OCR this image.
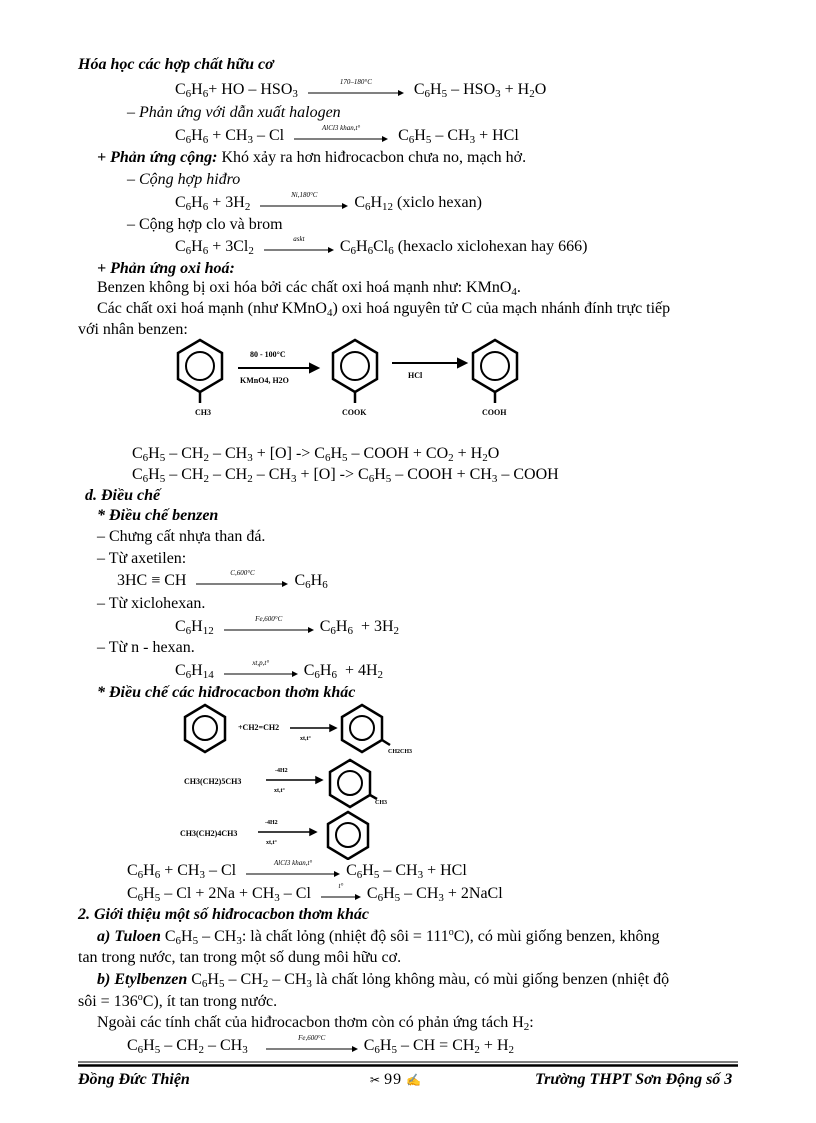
Hóa học các hợp chất hữu cơ
$C_6H_6+$ HO – $HSO_3$
170–180°C	$C_6H_5 - HSO_3 + H_2O$
– Phản ứng với dẫn xuất halogen
$C_6H_6 + CH_3 - Cl$	AlCl3 khan,t°	$C_6H_5 - CH_3$ + HCl
+ Phản ứng cộng: Khó xảy ra hơn hiđrocacbon chưa no, mạch hở.
– Cộng hợp hiđro
$C_6H_6 + 3H_2$
Ni,180°C	$C_6H_{12}$ (xiclo hexan)
– Cộng hợp clo và brom
$C_6H_6 + 3Cl_2$
askt	$C_6H_6Cl_6$ (hexaclo xiclohexan hay 666)
+ Phản ứng oxi hoá:
Benzen không bị oxi hóa bởi các chất oxi hoá mạnh như: KMnO$_4$.
Các chất oxi hoá mạnh (như KMnO$_4$) oxi hoá nguyên tử C của mạch nhánh đính trực tiếp
với nhân benzen:
CH3
80 - 100°C
KMnO4, H2O
COOK
HCl
COOH
$C_6H_5 - CH_2 - CH_3 + [O] -> C_6H_5$ – COOH + $CO_2 + H_2O$
$C_6H_5 - CH_2 - CH_2 - CH_3 + [O] -> C_6H_5$ – COOH + $CH_3$ – COOH
d. Điều chế
* Điều chế benzen
– Chưng cất nhựa than đá.
– Từ axetilen:
3HC ≡ CH	C,600°C	$C_6H_6$
– Từ xiclohexan.
$C_6H_{12}$
Fe,600°C	$C_6H_6 + 3H_2$
– Từ n - hexan.
$C_6H_{14}$
xt,p,t°	$C_6H_6 + 4H_2$
* Điều chế các hiđrocacbon thơm khác
+CH2=CH2
xt,t°
CH2CH3
CH3(CH2)5CH3
-4H2
xt,t°
CH3
CH3(CH2)4CH3
-4H2
xt,t°
$C_6H_6 + CH_3 - Cl$	AlCl3 khan,t°	$C_6H_5 - CH_3$ + HCl
$C_6H_5 - Cl + 2Na + CH_3 - Cl$	t°	$C_6H_5 - CH_3$ + 2NaCl
2. Giới thiệu một số hiđrocacbon thơm khác
a) Tuloen $C_6H_5 - CH_3$: là chất lỏng (nhiệt độ sôi = $111^oC$), có mùi giống benzen, không
tan trong nước, tan trong một số dung môi hữu cơ.
b) Etylbenzen $C_6H_5 - CH_2 - CH_3$ là chất lỏng không màu, có mùi giống benzen (nhiệt độ
sôi = $136^oC$), ít tan trong nước.
Ngoài các tính chất của hiđrocacbon thơm còn có phản ứng tách $H_2$:
$C_6H_5 - CH_2 - CH_3$
Fe,600°C	$C_6H_5$ – CH = $CH_2 + H_2$
Đồng Đức Thiện	✂ 99 ✍	Trường THPT Sơn Động số 3
